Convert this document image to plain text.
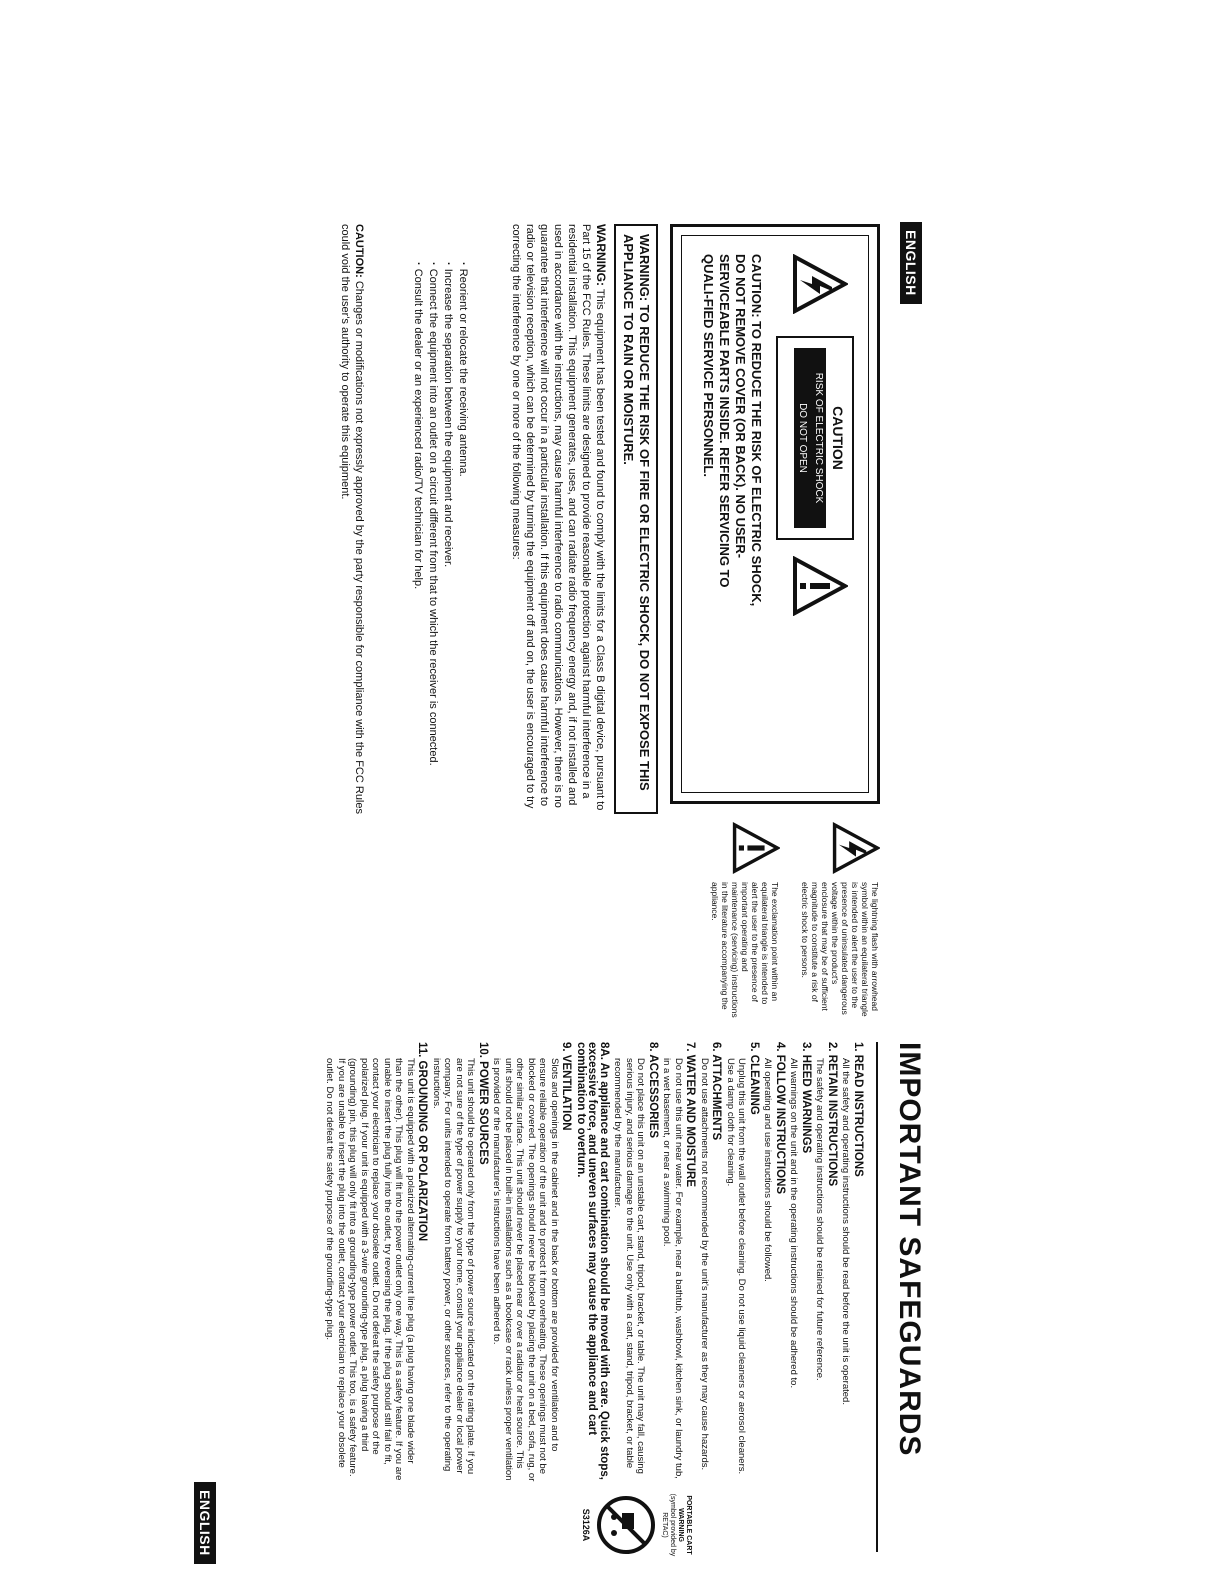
ENGLISH
CAUTION
RISK OF ELECTRIC SHOCK
DO NOT OPEN
CAUTION: TO REDUCE THE RISK OF ELECTRIC SHOCK, DO NOT REMOVE COVER (OR BACK). NO USER-SERVICEABLE PARTS INSIDE. REFER SERVICING TO QUALI-FIED SERVICE PERSONNEL.
WARNING: TO REDUCE THE RISK OF FIRE OR ELECTRIC SHOCK, DO NOT EXPOSE THIS APPLIANCE TO RAIN OR MOISTURE.
WARNING: This equipment has been tested and found to comply with the limits for a Class B digital device, pursuant to Part 15 of the FCC Rules. These limits are designed to provide reasonable protection against harmful interference in a residential installation. This equipment generates, uses, and can radiate radio frequency energy and, if not installed and used in accordance with the instructions, may cause harmful interference to radio communications. However, there is no guarantee that interference will not occur in a particular installation. If this equipment does cause harmful interference to radio or television reception, which can be determined by turning the equipment off and on, the user is encouraged to try correcting the interference by one or more of the following measures:
· Reorient or relocate the receiving antenna.
· Increase the separation between the equipment and receiver.
· Connect the equipment into an outlet on a circuit different from that to which the receiver is connected.
· Consult the dealer or an experienced radio/TV technician for help.
CAUTION: Changes or modifications not expressly approved by the party responsible for compliance with the FCC Rules could void the user's authority to operate this equipment.
The lightning flash with arrowhead symbol within an equilateral triangle is intended to alert the user to the presence of uninsulated dangerous voltage within the product's enclosure that may be of sufficient magnitude to constitute a risk of electric shock to persons.
The exclamation point within an equilateral triangle is intended to alert the user to the presence of important operating and maintenance (servicing) instructions in the literature accompanying the appliance.
IMPORTANT SAFEGUARDS
1. READ INSTRUCTIONS
All the safety and operating instructions should be read before the unit is operated.
2. RETAIN INSTRUCTIONS
The safety and operating instructions should be retained for future reference.
3. HEED WARNINGS
All warnings on the unit and in the operating instructions should be adhered to.
4. FOLLOW INSTRUCTIONS
All operating and use instructions should be followed.
5. CLEANING
Unplug this unit from the wall outlet before cleaning. Do not use liquid cleaners or aerosol cleaners. Use a damp cloth for cleaning.
6. ATTACHMENTS
Do not use attachments not recommended by the unit's manufacturer as they may cause hazards.
7. WATER AND MOISTURE
Do not use this unit near water. For example, near a bathtub, washbowl, kitchen sink, or laundry tub, in a wet basement, or near a swimming pool.
8. ACCESSORIES
Do not place this unit on an unstable cart, stand, tripod, bracket, or table. The unit may fall, causing serious injury, and serious damage to the unit. Use only with a cart, stand, tripod, bracket, or table recommended by the manufacturer.
8A. An appliance and cart combination should be moved with care. Quick stops, excessive force, and uneven surfaces may cause the appliance and cart combination to overturn.
9. VENTILATION
Slots and openings in the cabinet and in the back or bottom are provided for ventilation and to ensure reliable operation of the unit and to protect it from overheating. These openings must not be blocked or covered. The openings should never be blocked by placing the unit on a bed, sofa, rug, or other similar surface. This unit should never be placed near or over a radiator or heat source. This unit should not be placed in built-in installations such as a bookcase or rack unless proper ventilation is provided or the manufacturer's instructions have been adhered to.
10. POWER SOURCES
This unit should be operated only from the type of power source indicated on the rating plate. If you are not sure of the type of power supply to your home, consult your appliance dealer or local power company. For units intended to operate from battery power, or other sources, refer to the operating instructions.
11. GROUNDING OR POLARIZATION
This unit is equipped with a polarized alternating-current line plug (a plug having one blade wider than the other). This plug will fit into the power outlet only one way. This is a safety feature. If you are unable to insert the plug fully into the outlet, try reversing the plug. If the plug should still fail to fit, contact your electrician to replace your obsolete outlet. Do not defeat the safety purpose of the polarized plug. If your unit is equipped with a 3-wire grounding-type plug, a plug having a third (grounding) pin, this plug will only fit into a grounding-type power outlet. This too, is a safety feature. If you are unable to insert the plug into the outlet, contact your electrician to replace your obsolete outlet. Do not defeat the safety purpose of the grounding-type plug.
PORTABLE CART WARNING
(symbol provided by RETAC)
S3126A
ENGLISH
